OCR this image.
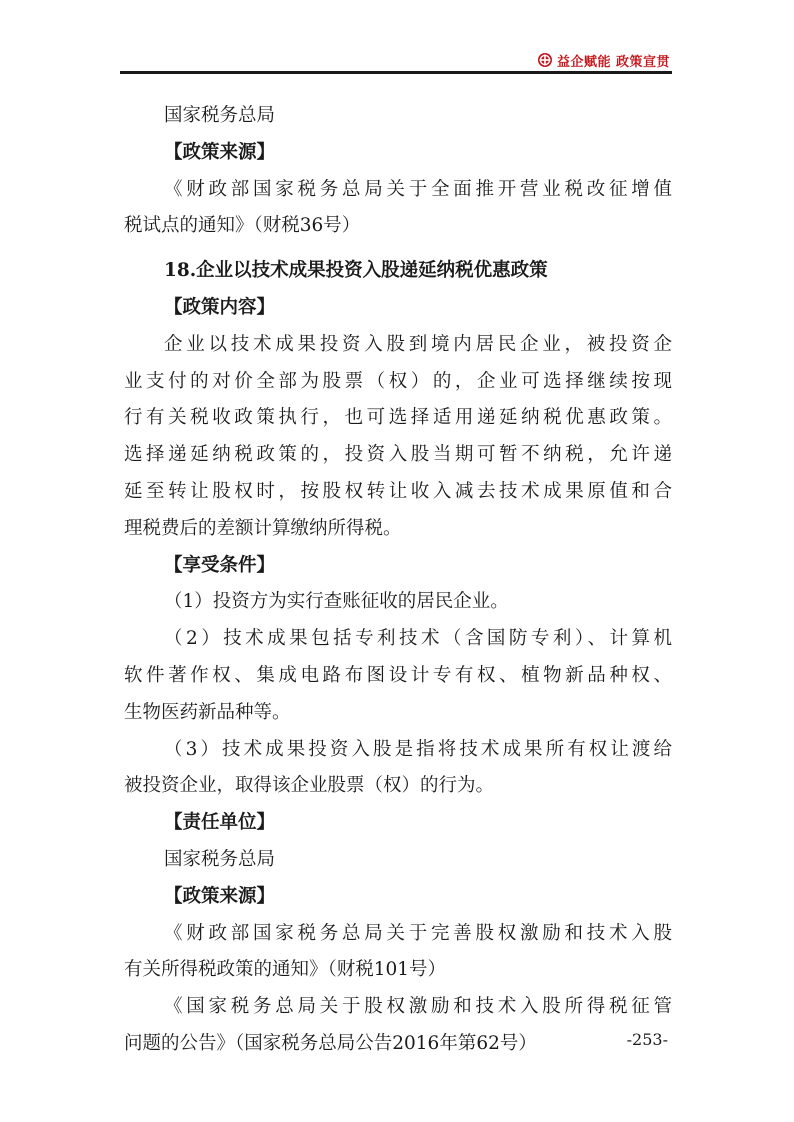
益企赋能 政策宣贯
国家税务总局
【政策来源】
《财政部国家税务总局关于全面推开营业税改征增值
税试点的通知》（财税36号）
18.企业以技术成果投资入股递延纳税优惠政策
【政策内容】
企业以技术成果投资入股到境内居民企业，被投资企
业支付的对价全部为股票（权）的，企业可选择继续按现
行有关税收政策执行，也可选择适用递延纳税优惠政策。
选择递延纳税政策的，投资入股当期可暂不纳税，允许递
延至转让股权时，按股权转让收入减去技术成果原值和合
理税费后的差额计算缴纳所得税。
【享受条件】
（1）投资方为实行查账征收的居民企业。
（2）技术成果包括专利技术（含国防专利）、计算机
软件著作权、集成电路布图设计专有权、植物新品种权、
生物医药新品种等。
（3）技术成果投资入股是指将技术成果所有权让渡给
被投资企业，取得该企业股票（权）的行为。
【责任单位】
国家税务总局
【政策来源】
《财政部国家税务总局关于完善股权激励和技术入股
有关所得税政策的通知》（财税101号）
《国家税务总局关于股权激励和技术入股所得税征管
问题的公告》（国家税务总局公告2016年第62号）	-253-
